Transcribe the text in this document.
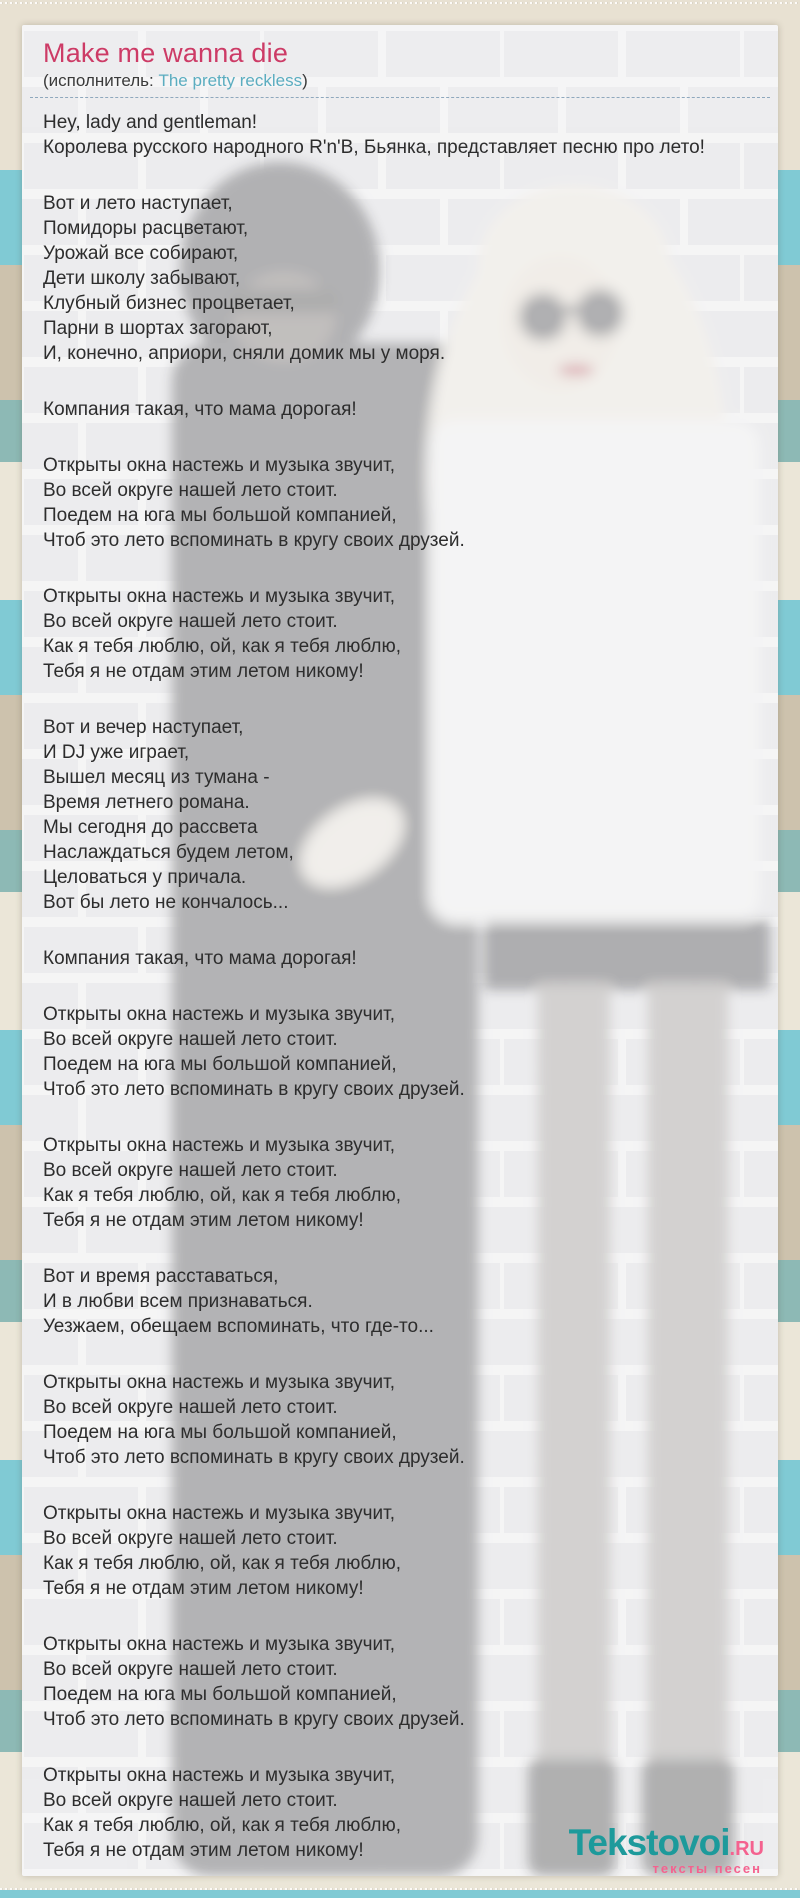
Make me wanna die
(исполнитель: The pretty reckless)

Hey, lady and gentleman!
Королева русского народного R'n'B, Бьянка, представляет песню про лето!

Вот и лето наступает,
Помидоры расцветают,
Урожай все собирают,
Дети школу забывают,
Клубный бизнес процветает,
Парни в шортах загорают,
И, конечно, априори, сняли домик мы у моря.

Компания такая, что мама дорогая!

Открыты окна настежь и музыка звучит,
Во всей округе нашей лето стоит.
Поедем на юга мы большой компанией,
Чтоб это лето вспоминать в кругу своих друзей.

Открыты окна настежь и музыка звучит,
Во всей округе нашей лето стоит.
Как я тебя люблю, ой, как я тебя люблю,
Тебя я не отдам этим летом никому!

Вот и вечер наступает,
И DJ уже играет,
Вышел месяц из тумана -
Время летнего романа.
Мы сегодня до рассвета
Наслаждаться будем летом,
Целоваться у причала.
Вот бы лето не кончалось...

Компания такая, что мама дорогая!

Открыты окна настежь и музыка звучит,
Во всей округе нашей лето стоит.
Поедем на юга мы большой компанией,
Чтоб это лето вспоминать в кругу своих друзей.

Открыты окна настежь и музыка звучит,
Во всей округе нашей лето стоит.
Как я тебя люблю, ой, как я тебя люблю,
Тебя я не отдам этим летом никому!

Вот и время расставаться,
И в любви всем признаваться.
Уезжаем, обещаем вспоминать, что где-то...

Открыты окна настежь и музыка звучит,
Во всей округе нашей лето стоит.
Поедем на юга мы большой компанией,
Чтоб это лето вспоминать в кругу своих друзей.

Открыты окна настежь и музыка звучит,
Во всей округе нашей лето стоит.
Как я тебя люблю, ой, как я тебя люблю,
Тебя я не отдам этим летом никому!

Открыты окна настежь и музыка звучит,
Во всей округе нашей лето стоит.
Поедем на юга мы большой компанией,
Чтоб это лето вспоминать в кругу своих друзей.

Открыты окна настежь и музыка звучит,
Во всей округе нашей лето стоит.
Как я тебя люблю, ой, как я тебя люблю,
Тебя я не отдам этим летом никому!	Tekstovoi.RU
тексты песен
